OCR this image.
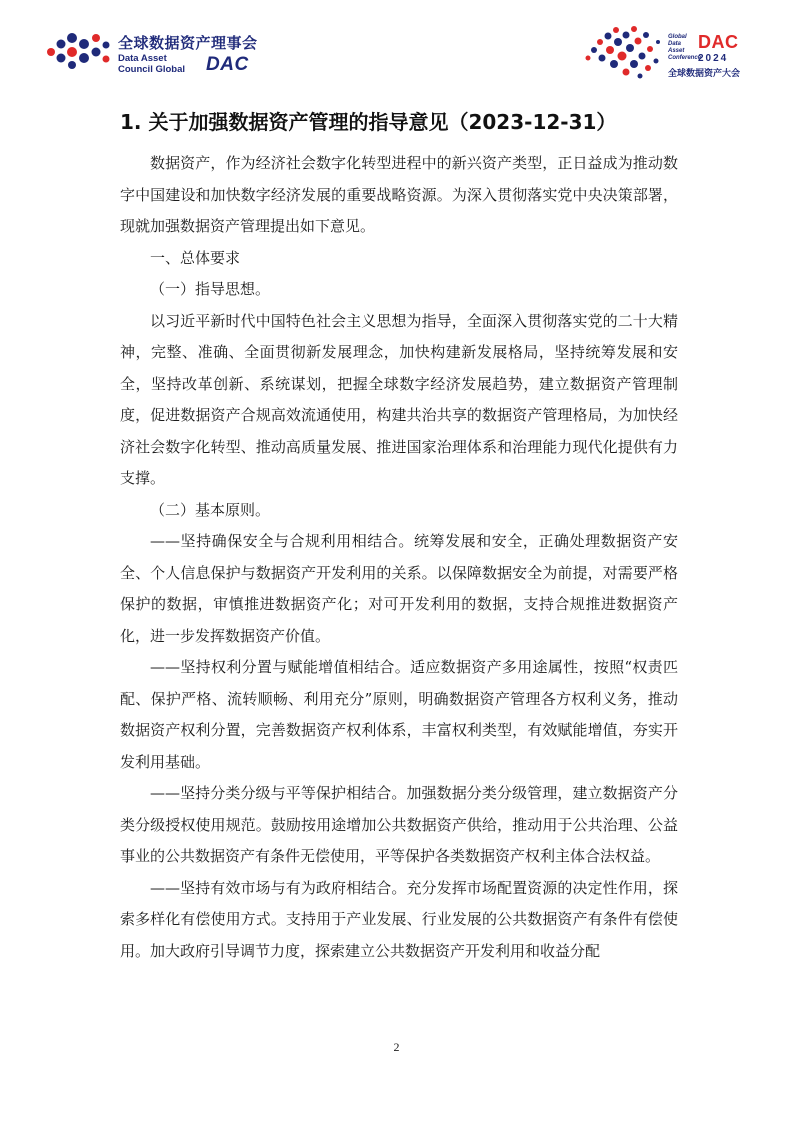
全球数据资产理事会
Data Asset
Council Global DAC
Global
Data
Asset
Conference
DAC
2024
全球数据资产大会
1. 关于加强数据资产管理的指导意见（2023-12-31）

数据资产，作为经济社会数字化转型进程中的新兴资产类型，正日益成为推动数字中国建设和加快数字经济发展的重要战略资源。为深入贯彻落实党中央决策部署，现就加强数据资产管理提出如下意见。

一、总体要求

（一）指导思想。

以习近平新时代中国特色社会主义思想为指导，全面深入贯彻落实党的二十大精神，完整、准确、全面贯彻新发展理念，加快构建新发展格局，坚持统筹发展和安全，坚持改革创新、系统谋划，把握全球数字经济发展趋势，建立数据资产管理制度，促进数据资产合规高效流通使用，构建共治共享的数据资产管理格局，为加快经济社会数字化转型、推动高质量发展、推进国家治理体系和治理能力现代化提供有力支撑。

（二）基本原则。

——坚持确保安全与合规利用相结合。统筹发展和安全，正确处理数据资产安全、个人信息保护与数据资产开发利用的关系。以保障数据安全为前提，对需要严格保护的数据，审慎推进数据资产化；对可开发利用的数据，支持合规推进数据资产化，进一步发挥数据资产价值。

——坚持权利分置与赋能增值相结合。适应数据资产多用途属性，按照“权责匹配、保护严格、流转顺畅、利用充分”原则，明确数据资产管理各方权利义务，推动数据资产权利分置，完善数据资产权利体系，丰富权利类型，有效赋能增值，夯实开发利用基础。

——坚持分类分级与平等保护相结合。加强数据分类分级管理，建立数据资产分类分级授权使用规范。鼓励按用途增加公共数据资产供给，推动用于公共治理、公益事业的公共数据资产有条件无偿使用，平等保护各类数据资产权利主体合法权益。

——坚持有效市场与有为政府相结合。充分发挥市场配置资源的决定性作用，探索多样化有偿使用方式。支持用于产业发展、行业发展的公共数据资产有条件有偿使用。加大政府引导调节力度，探索建立公共数据资产开发利用和收益分配

2
